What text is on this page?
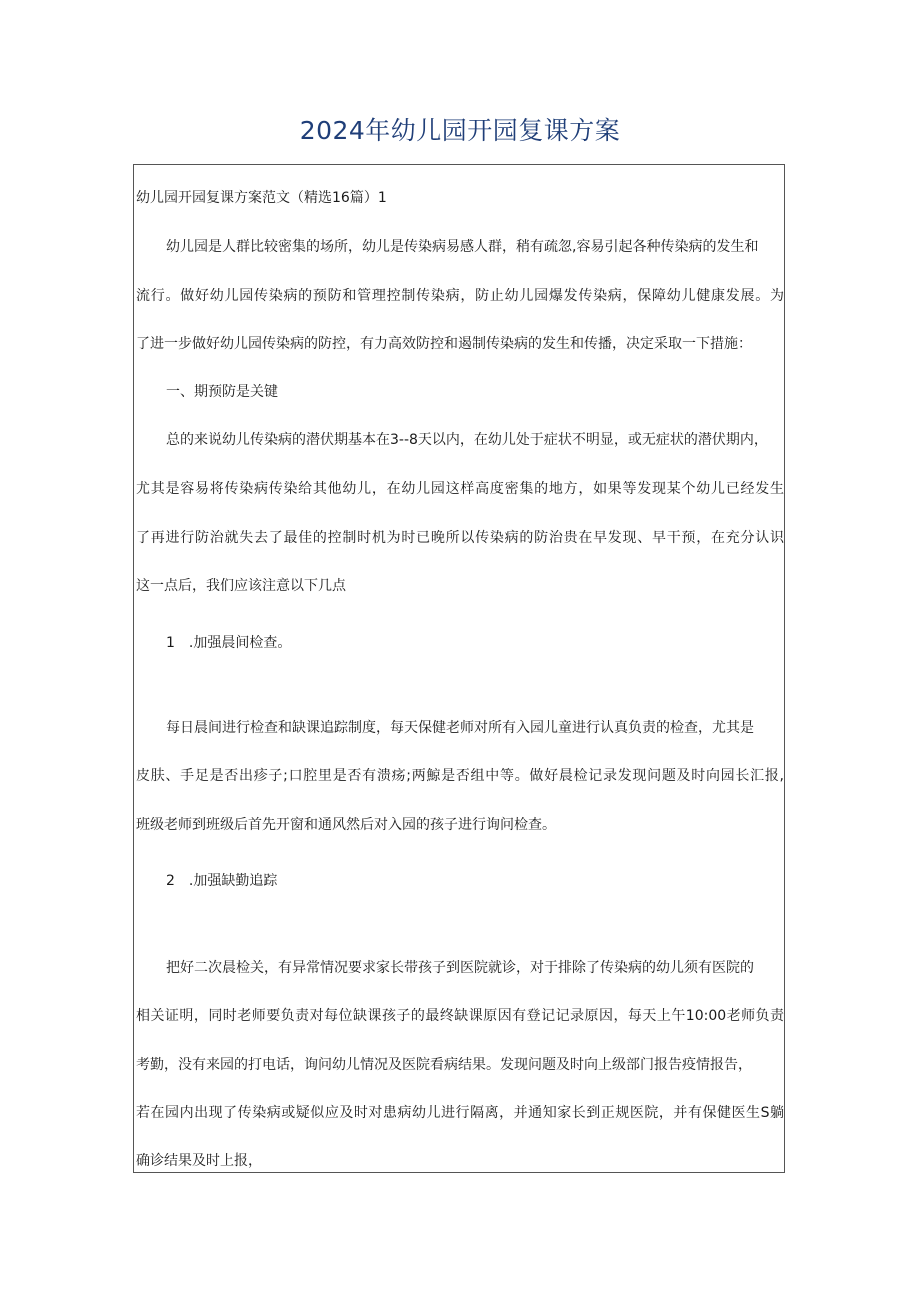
2024年幼儿园开园复课方案
幼儿园开园复课方案范文（精选16篇）1
幼儿园是人群比较密集的场所，幼儿是传染病易感人群，稍有疏忽,容易引起各种传染病的发生和
流行。做好幼儿园传染病的预防和管理控制传染病，防止幼儿园爆发传染病，保障幼儿健康发展。为
了进一步做好幼儿园传染病的防控，有力高效防控和遏制传染病的发生和传播，决定采取一下措施：
一、期预防是关键
总的来说幼儿传染病的潜伏期基本在3--8天以内，在幼儿处于症状不明显，或无症状的潜伏期内，
尤其是容易将传染病传染给其他幼儿，在幼儿园这样高度密集的地方，如果等发现某个幼儿已经发生
了再进行防治就失去了最佳的控制时机为时已晚所以传染病的防治贵在早发现、早干预，在充分认识
这一点后，我们应该注意以下几点
1　.加强晨间检查。
每日晨间进行检查和缺课追踪制度，每天保健老师对所有入园儿童进行认真负责的检查，尤其是
皮肤、手足是否出疹子;口腔里是否有溃疡;两鯨是否组中等。做好晨检记录发现问题及时向园长汇报,
班级老师到班级后首先开窗和通风然后对入园的孩子进行询问检查。
2　.加强缺勤追踪
把好二次晨检关，有异常情况要求家长带孩子到医院就诊，对于排除了传染病的幼儿须有医院的
相关证明，同时老师要负责对每位缺课孩子的最终缺课原因有登记记录原因，每天上午10:00老师负责
考勤，没有来园的打电话，询问幼儿情况及医院看病结果。发现问题及时向上级部门报告疫情报告，
若在园内出现了传染病或疑似应及时对患病幼儿进行隔离，并通知家长到正规医院，并有保健医生S躺
确诊结果及时上报，
